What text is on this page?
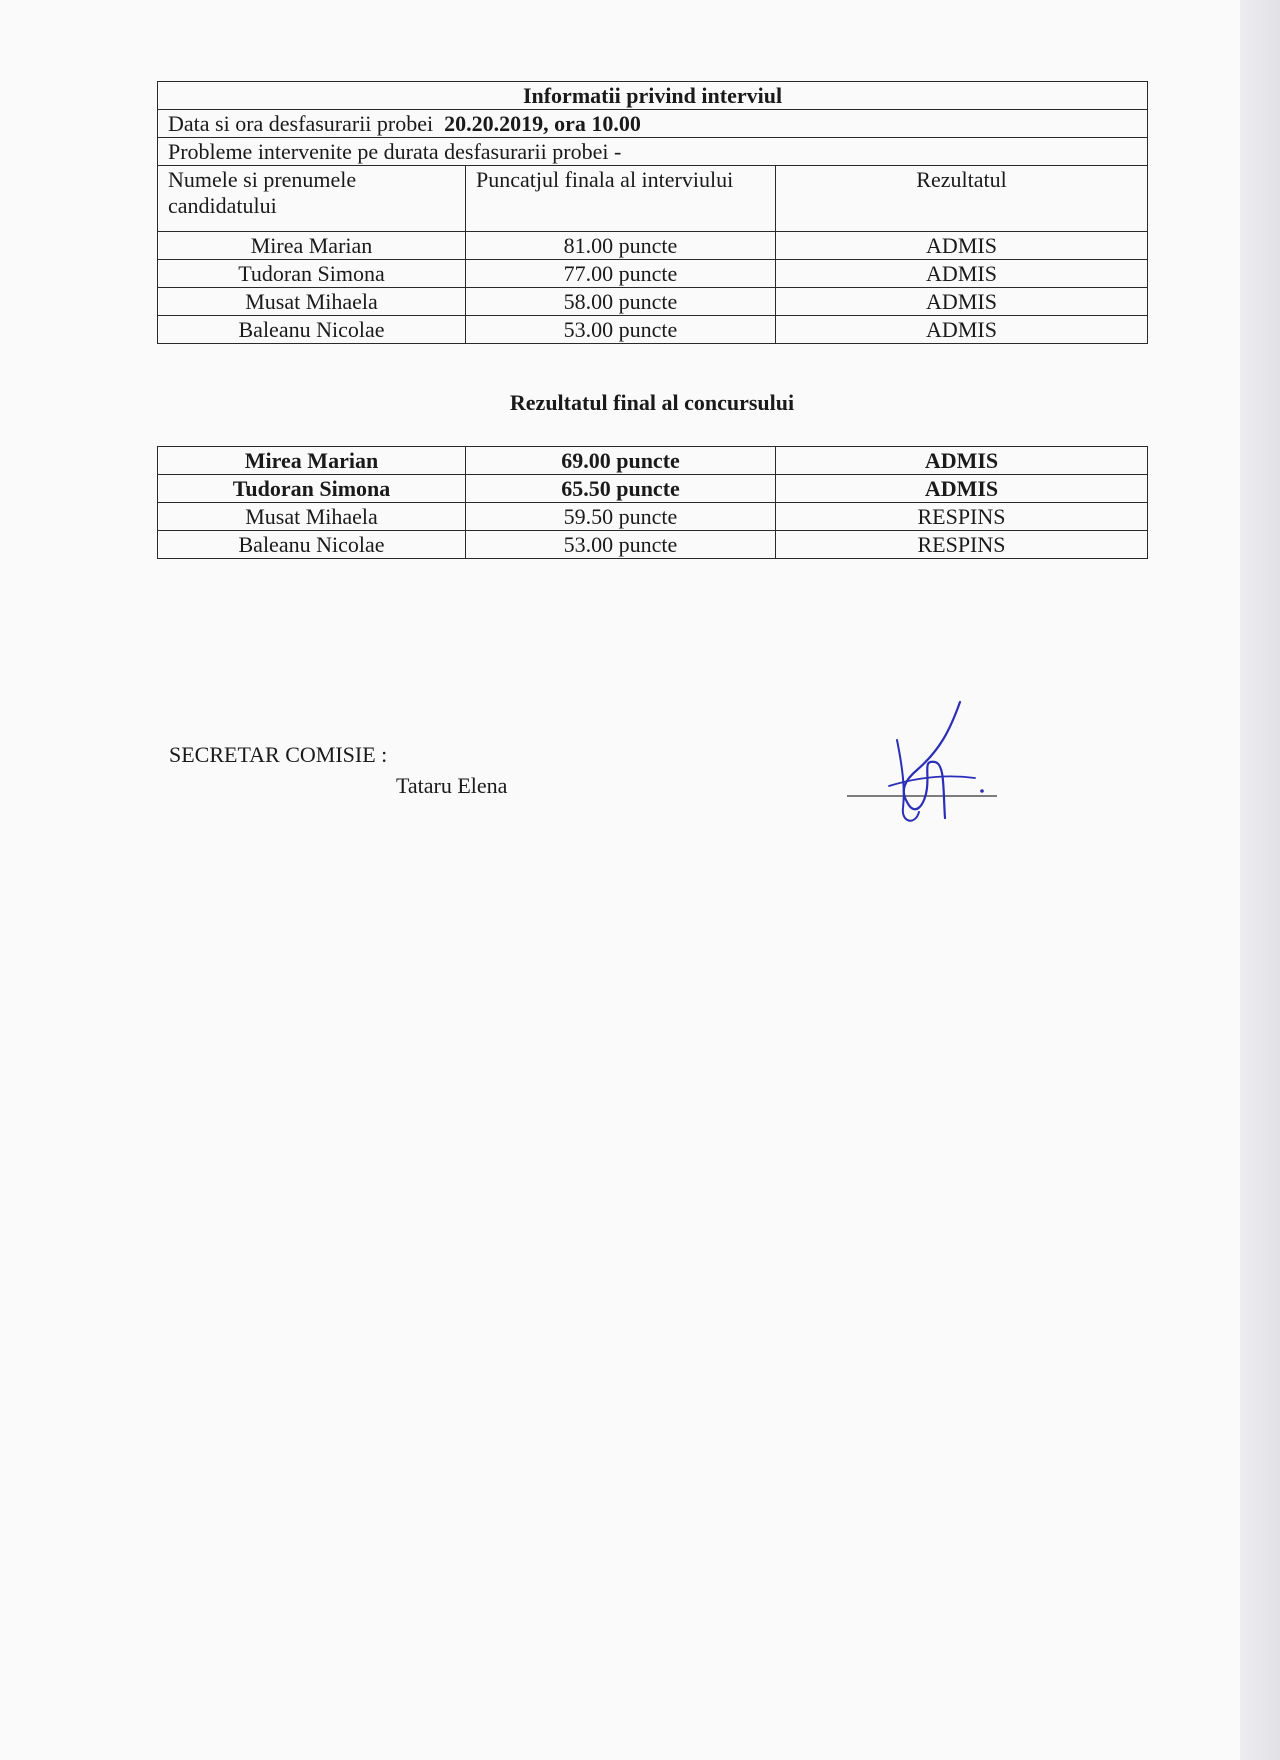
Informatii privind interviul		
Data si ora desfasurarii probei 20.20.2019, ora 10.00		
Probleme intervenite pe durata desfasurarii probei -		
Numele si prenumele candidatului	Puncatjul finala al interviului	Rezultatul
Mirea Marian	81.00 puncte	ADMIS
Tudoran Simona	77.00 puncte	ADMIS
Musat Mihaela	58.00 puncte	ADMIS
Baleanu Nicolae	53.00 puncte	ADMIS
Rezultatul final al concursului
Mirea Marian	69.00 puncte	ADMIS
Tudoran Simona	65.50 puncte	ADMIS
Musat Mihaela	59.50 puncte	RESPINS
Baleanu Nicolae	53.00 puncte	RESPINS
SECRETAR COMISIE :
Tataru Elena
